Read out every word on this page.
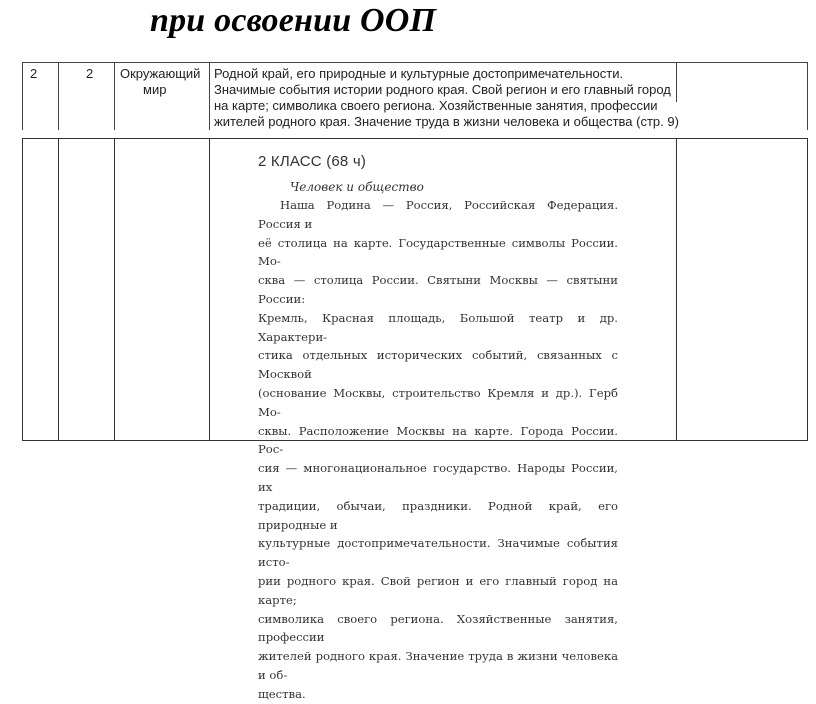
при освоении ООП
2	2 Окружающий
мир
Родной край, его природные и культурные достопримечательности.
Значимые события истории родного края. Свой регион и его главный город
на карте; символика своего региона. Хозяйственные занятия, профессии
жителей родного края. Значение труда в жизни человека и общества (стр. 9)
2 КЛАСС (68 ч)
Человек и общество
Наша Родина — Россия, Российская Федерация. Россия и
её столица на карте. Государственные символы России. Мо-
сква — столица России. Святыни Москвы — святыни России:
Кремль, Красная площадь, Большой театр и др. Характери-
стика отдельных исторических событий, связанных с Москвой
(основание Москвы, строительство Кремля и др.). Герб Мо-
сквы. Расположение Москвы на карте. Города России. Рос-
сия — многонациональное государство. Народы России, их
традиции, обычаи, праздники. Родной край, его природные и
культурные достопримечательности. Значимые события исто-
рии родного края. Свой регион и его главный город на карте;
символика своего региона. Хозяйственные занятия, профессии
жителей родного края. Значение труда в жизни человека и об-
щества.
